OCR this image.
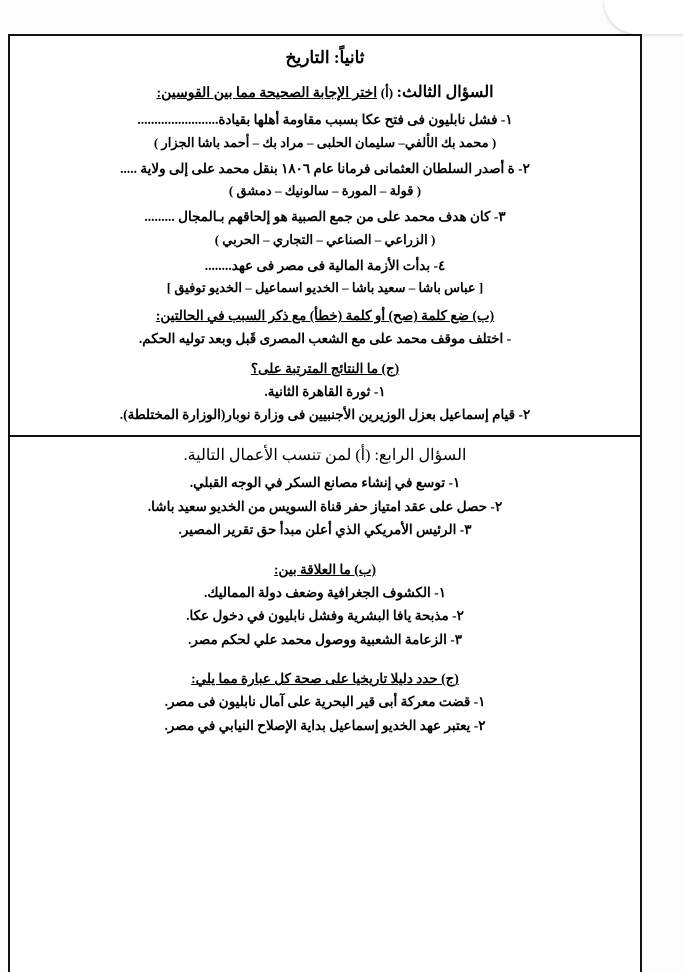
ثانياً: التاريخ
السؤال الثالث: (أ) اختر الإجابة الصحيحة مما بين القوسين:
١- فشل نابليون فى فتح عكا بسبب مقاومة أهلها بقيادة........................
( محمد بك الألفي– سليمان الحلبى – مراد بك – أحمد باشا الجزار )
٢- ة أصدر السلطان العثمانى فرمانا عام ١٨٠٦ بنقل محمد على إلى ولاية .....
( قولة – المورة – سالونيك – دمشق )
٣- كان هدف محمد على من جمع الصبية هو إلحاقهم بـالمجال .........
( الزراعي – الصناعي – التجاري – الحربي )
٤- بدأت الأزمة المالية فى مصر فى عهد........
[ عباس باشا – سعيد باشا – الخديو اسماعيل – الخديو توفيق ]
(ب) ضع كلمة (صح) أو كلمة (خطأ) مع ذكر السبب في الحالتين:
- اختلف موقف محمد على مع الشعب المصرى قَبل وبعد توليه الحكم.
(ج) ما النتائج المترتبة على؟
١- ثورة القاهرة الثانية.
٢- قيام إسماعيل بعزل الوزيرين الأجنبيين فى وزارة نوبار(الوزارة المختلطة).
السؤال الرابع: (أ) لمن تنسب الأعمال التالية.
١- توسع في إنشاء مصانع السكر في الوجه القبلي.
٢- حصل على عقد امتياز حفر قناة السويس من الخديو سعيد باشا.
٣- الرئيس الأمريكي الذي أعلن مبدأ حق تقرير المصير.
(ب) ما العلاقة بين:
١- الكشوف الجغرافية وضعف دولة المماليك.
٢- مذبحة يافا البشرية وفشل نابليون في دخول عكا.
٣- الزعامة الشعبية ووصول محمد علي لحكم مصر.
(ج) حدد دليلا تاريخيا على صحة كل عبارة مما يلي:
١- قضت معركة أبى قير البحرية على آمال نابليون فى مصر.
٢- يعتبر عهد الخديو إسماعيل بداية الإصلاح النيابي في مصر.
